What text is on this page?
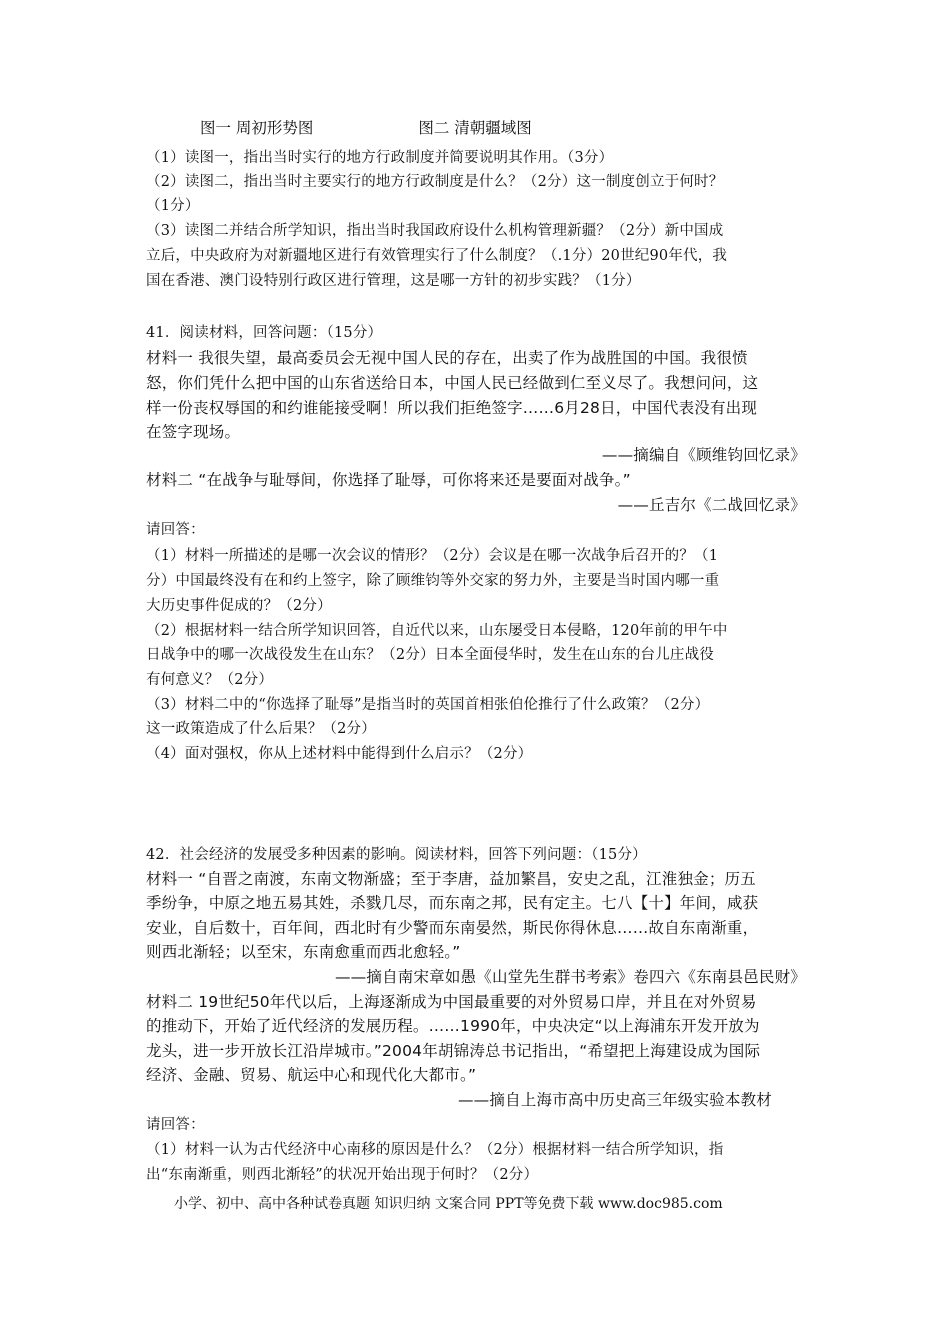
图一 周初形势图	图二 清朝疆域图
（1）读图一，指出当时实行的地方行政制度并简要说明其作用。（3分）
（2）读图二，指出当时主要实行的地方行政制度是什么？（2分）这一制度创立于何时？
（1分）
（3）读图二并结合所学知识，指出当时我国政府设什么机构管理新疆？（2分）新中国成
立后，中央政府为对新疆地区进行有效管理实行了什么制度？（.1分）20世纪90年代，我
国在香港、澳门设特别行政区进行管理，这是哪一方针的初步实践？（1分）
41．阅读材料，回答问题：（15分）
材料一 我很失望，最高委员会无视中国人民的存在，出卖了作为战胜国的中国。我很愤
怒，你们凭什么把中国的山东省送给日本，中国人民已经做到仁至义尽了。我想问问，这
样一份丧权辱国的和约谁能接受啊！所以我们拒绝签字……6月28日，中国代表没有出现
在签字现场。
——摘编自《顾维钧回忆录》
材料二 “在战争与耻辱间，你选择了耻辱，可你将来还是要面对战争。”
——丘吉尔《二战回忆录》
请回答：
（1）材料一所描述的是哪一次会议的情形？（2分）会议是在哪一次战争后召开的？（1
分）中国最终没有在和约上签字，除了顾维钧等外交家的努力外，主要是当时国内哪一重
大历史事件促成的？（2分）
（2）根据材料一结合所学知识回答，自近代以来，山东屡受日本侵略，120年前的甲午中
日战争中的哪一次战役发生在山东？（2分）日本全面侵华时，发生在山东的台儿庄战役
有何意义？（2分）
（3）材料二中的“你选择了耻辱”是指当时的英国首相张伯伦推行了什么政策？（2分）
这一政策造成了什么后果？（2分）
（4）面对强权，你从上述材料中能得到什么启示？（2分）
42．社会经济的发展受多种因素的影响。阅读材料，回答下列问题：（15分）
材料一 “自晋之南渡，东南文物渐盛；至于李唐，益加繁昌，安史之乱，江淮独金；历五
季纷争，中原之地五易其姓，杀戮几尽，而东南之邦，民有定主。七八【十】年间，咸获
安业，自后数十，百年间，西北时有少警而东南晏然，斯民你得休息……故自东南渐重，
则西北渐轻；以至宋，东南愈重而西北愈轻。”
——摘自南宋章如愚《山堂先生群书考索》卷四六《东南县邑民财》
材料二 19世纪50年代以后，上海逐渐成为中国最重要的对外贸易口岸，并且在对外贸易
的推动下，开始了近代经济的发展历程。……1990年，中央决定“以上海浦东开发开放为
龙头，进一步开放长江沿岸城市。”2004年胡锦涛总书记指出，“希望把上海建设成为国际
经济、金融、贸易、航运中心和现代化大都市。”
——摘自上海市高中历史高三年级实验本教材
请回答：
（1）材料一认为古代经济中心南移的原因是什么？（2分）根据材料一结合所学知识，指
出“东南渐重，则西北渐轻”的状况开始出现于何时？（2分）
小学、初中、高中各种试卷真题 知识归纳 文案合同 PPT等免费下载 www.doc985.com
